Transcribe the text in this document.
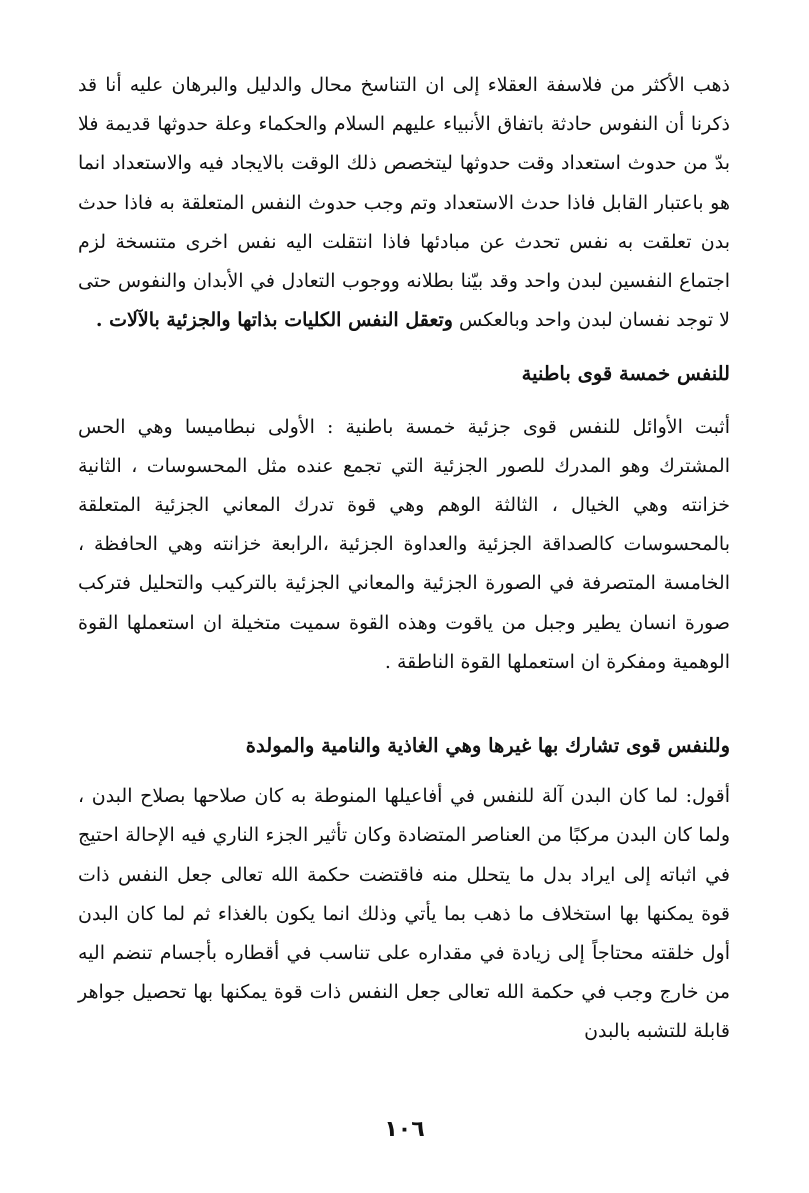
ذهب الأكثر من فلاسفة العقلاء إلى ان التناسخ محال والدليل والبرهان عليه أنا قد ذكرنا أن النفوس حادثة باتفاق الأنبياء عليهم السلام والحكماء وعلة حدوثها قديمة فلا بدّ من حدوث استعداد وقت حدوثها ليتخصص ذلك الوقت بالايجاد فيه والاستعداد انما هو باعتبار القابل فاذا حدث الاستعداد وتم وجب حدوث النفس المتعلقة به فاذا حدث بدن تعلقت به نفس تحدث عن مبادئها فاذا انتقلت اليه نفس اخرى متنسخة لزم اجتماع النفسين لبدن واحد وقد بيّنا بطلانه ووجوب التعادل في الأبدان والنفوس حتى لا توجد نفسان لبدن واحد وبالعكس وتعقل النفس الكليات بذاتها والجزئية بالآلات .

للنفس خمسة قوى باطنية

أثبت الأوائل للنفس قوى جزئية خمسة باطنية : الأولى نبطاميسا وهي الحس المشترك وهو المدرك للصور الجزئية التي تجمع عنده مثل المحسوسات ، الثانية خزانته وهي الخيال ، الثالثة الوهم وهي قوة تدرك المعاني الجزئية المتعلقة بالمحسوسات كالصداقة الجزئية والعداوة الجزئية ،الرابعة خزانته وهي الحافظة ، الخامسة المتصرفة في الصورة الجزئية والمعاني الجزئية بالتركيب والتحليل فتركب صورة انسان يطير وجبل من ياقوت وهذه القوة سميت متخيلة ان استعملها القوة الوهمية ومفكرة ان استعملها القوة الناطقة .

وللنفس قوى تشارك بها غيرها وهي الغاذية والنامية والمولدة

أقول: لما كان البدن آلة للنفس في أفاعيلها المنوطة به كان صلاحها بصلاح البدن ، ولما كان البدن مركبًا من العناصر المتضادة وكان تأثير الجزء الناري فيه الإحالة احتيج في اثباته إلى ايراد بدل ما يتحلل منه فاقتضت حكمة الله تعالى جعل النفس ذات قوة يمكنها بها استخلاف ما ذهب بما يأتي وذلك انما يكون بالغذاء ثم لما كان البدن أول خلقته محتاجاً إلى زيادة في مقداره على تناسب في أقطاره بأجسام تنضم اليه من خارج وجب في حكمة الله تعالى جعل النفس ذات قوة يمكنها بها تحصيل جواهر قابلة للتشبه بالبدن

١٠٦
